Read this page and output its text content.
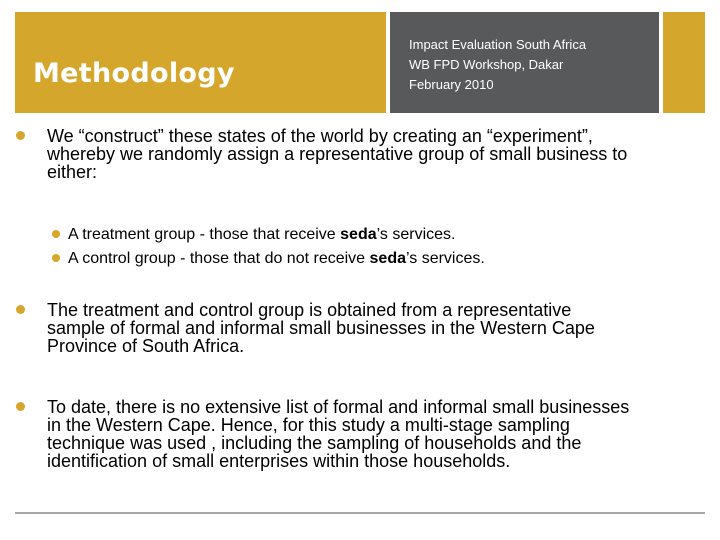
Methodology
Impact Evaluation South Africa
WB FPD Workshop, Dakar
February 2010
We “construct” these states of the world by creating an “experiment”,
whereby we randomly assign a representative group of small business to
either:
A treatment group - those that receive seda’s services.
A control group - those that do not receive seda’s services.
The treatment and control group is obtained from a representative
sample of formal and informal small businesses in the Western Cape
Province of South Africa.
To date, there is no extensive list of formal and informal small businesses
in the Western Cape. Hence, for this study a multi-stage sampling
technique was used , including the sampling of households and the
identification of small enterprises within those households.
